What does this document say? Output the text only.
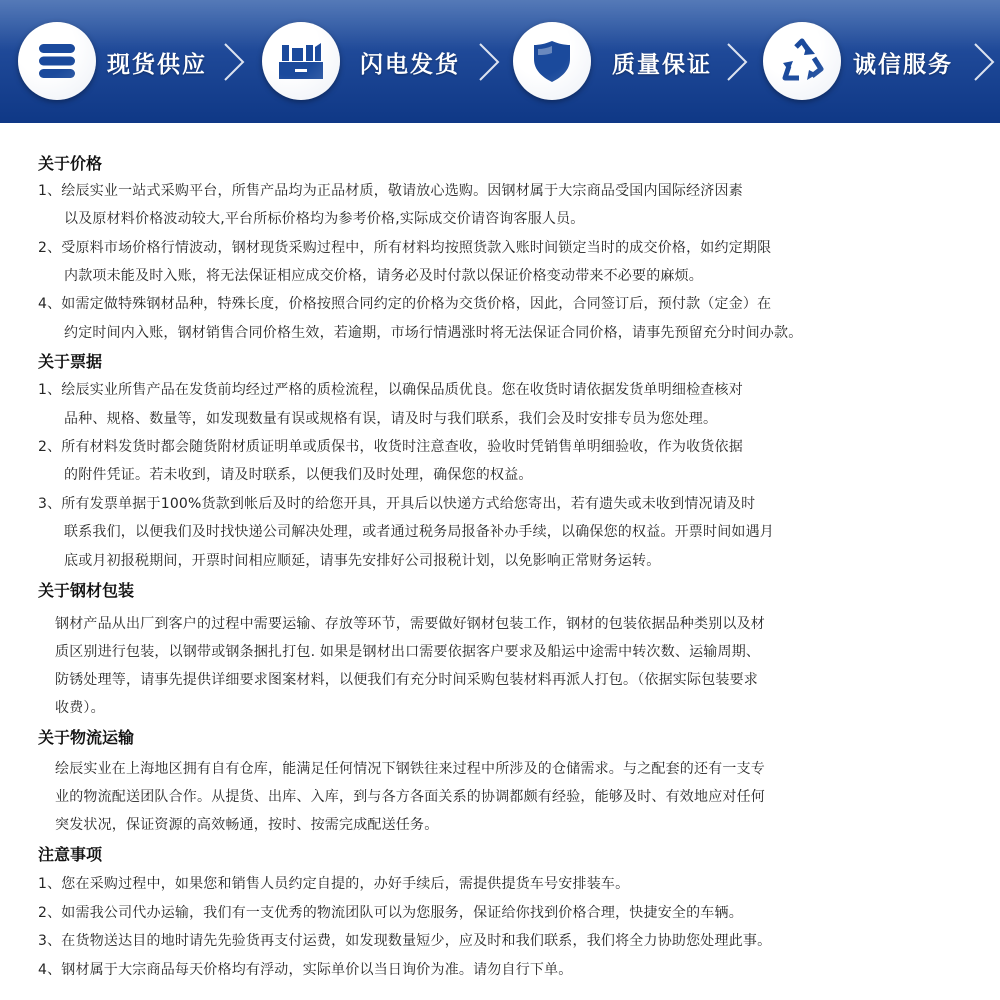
现货供应	闪电发货	质量保证	诚信服务
关于价格
1、绘辰实业一站式采购平台，所售产品均为正品材质，敬请放心选购。因钢材属于大宗商品受国内国际经济因素
以及原材料价格波动较大,平台所标价格均为参考价格,实际成交价请咨询客服人员。
2、受原料市场价格行情波动，钢材现货采购过程中，所有材料均按照货款入账时间锁定当时的成交价格，如约定期限
内款项未能及时入账，将无法保证相应成交价格，请务必及时付款以保证价格变动带来不必要的麻烦。
4、如需定做特殊钢材品种，特殊长度，价格按照合同约定的价格为交货价格，因此，合同签订后，预付款（定金）在
约定时间内入账，钢材销售合同价格生效，若逾期，市场行情遇涨时将无法保证合同价格，请事先预留充分时间办款。
关于票据
1、绘辰实业所售产品在发货前均经过严格的质检流程，以确保品质优良。您在收货时请依据发货单明细检查核对
品种、规格、数量等，如发现数量有误或规格有误，请及时与我们联系，我们会及时安排专员为您处理。
2、所有材料发货时都会随货附材质证明单或质保书，收货时注意查收，验收时凭销售单明细验收，作为收货依据
的附件凭证。若未收到，请及时联系，以便我们及时处理，确保您的权益。
3、所有发票单据于100%货款到帐后及时的给您开具，开具后以快递方式给您寄出，若有遗失或未收到情况请及时
联系我们，以便我们及时找快递公司解决处理，或者通过税务局报备补办手续，以确保您的权益。开票时间如遇月
底或月初报税期间，开票时间相应顺延，请事先安排好公司报税计划，以免影响正常财务运转。
关于钢材包装
钢材产品从出厂到客户的过程中需要运输、存放等环节，需要做好钢材包装工作，钢材的包装依据品种类别以及材
质区别进行包装，以钢带或钢条捆扎打包. 如果是钢材出口需要依据客户要求及船运中途需中转次数、运输周期、
防锈处理等，请事先提供详细要求图案材料，以便我们有充分时间采购包装材料再派人打包。（依据实际包装要求
收费）。
关于物流运输
绘辰实业在上海地区拥有自有仓库，能满足任何情况下钢铁往来过程中所涉及的仓储需求。与之配套的还有一支专
业的物流配送团队合作。从提货、出库、入库，到与各方各面关系的协调都颇有经验，能够及时、有效地应对任何
突发状况，保证资源的高效畅通，按时、按需完成配送任务。
注意事项
1、您在采购过程中，如果您和销售人员约定自提的，办好手续后，需提供提货车号安排装车。
2、如需我公司代办运输，我们有一支优秀的物流团队可以为您服务，保证给你找到价格合理，快捷安全的车辆。
3、在货物送达目的地时请先先验货再支付运费，如发现数量短少，应及时和我们联系，我们将全力协助您处理此事。
4、钢材属于大宗商品每天价格均有浮动，实际单价以当日询价为准。请勿自行下单。
